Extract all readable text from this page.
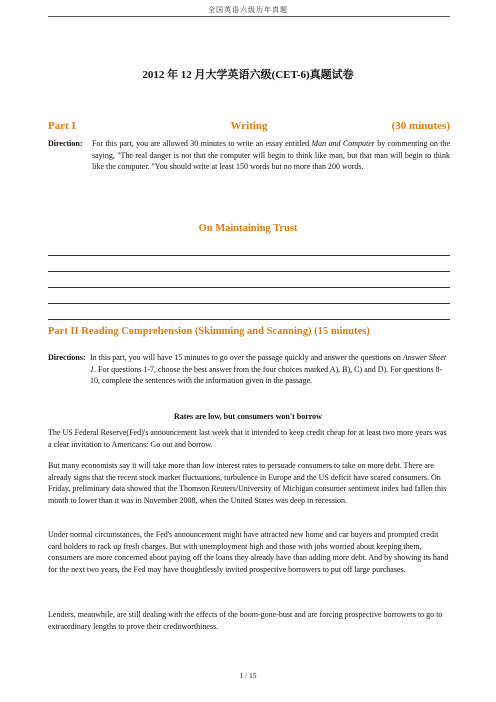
全国英语六级历年真题
2012 年 12 月大学英语六级(CET-6)真题试卷
Part I	Writing	(30 minutes)
Direction: For this part, you are allowed 30 minutes to write an essay entitled Man and Computer by commenting on the saying, "The real danger is not that the computer will begin to think like man, but that man will begin to think like the computer. "You should write at least 150 words but no more than 200 words.
On Maintaining Trust
Part II Reading Comprehension (Skimming and Scanning) (15 minutes)
Directions: In this part, you will have 15 minutes to go over the passage quickly and answer the questions on Answer Sheet 1. For questions 1-7, choose the best answer from the four choices marked A), B), C) and D). For questions 8-10, complete the sentences with the information given in the passage.
Rates are low, but consumers won't borrow

The US Federal Reserve(Fed)'s announcement last week that it intended to keep credit cheap for at least two more years was a clear invitation to Americans: Go out and borrow.

But many economists say it will take more than low interest rates to persuade consumers to take on more debt. There are already signs that the recent stock market fluctuations, turbulence in Europe and the US deficit have scared consumers. On Friday, preliminary data showed that the Thomson Reuters/University of Michigan consumer sentiment index had fallen this month to lower than it was in November 2008, when the United States was deep in recession.

Under normal circumstances, the Fed's announcement might have attracted new home and car buyers and prompted credit card holders to rack up fresh charges. But with unemployment high and those with jobs worried about keeping them, consumers are more concerned about paying off the loans they already have than adding more debt. And by showing its hand for the next two years, the Fed may have thoughtlessly invited prospective borrowers to put off large purchases.

Lenders, meanwhile, are still dealing with the effects of the boom-gone-bust and are forcing prospective borrowers to go to extraordinary lengths to prove their creditworthiness.

1 / 15
